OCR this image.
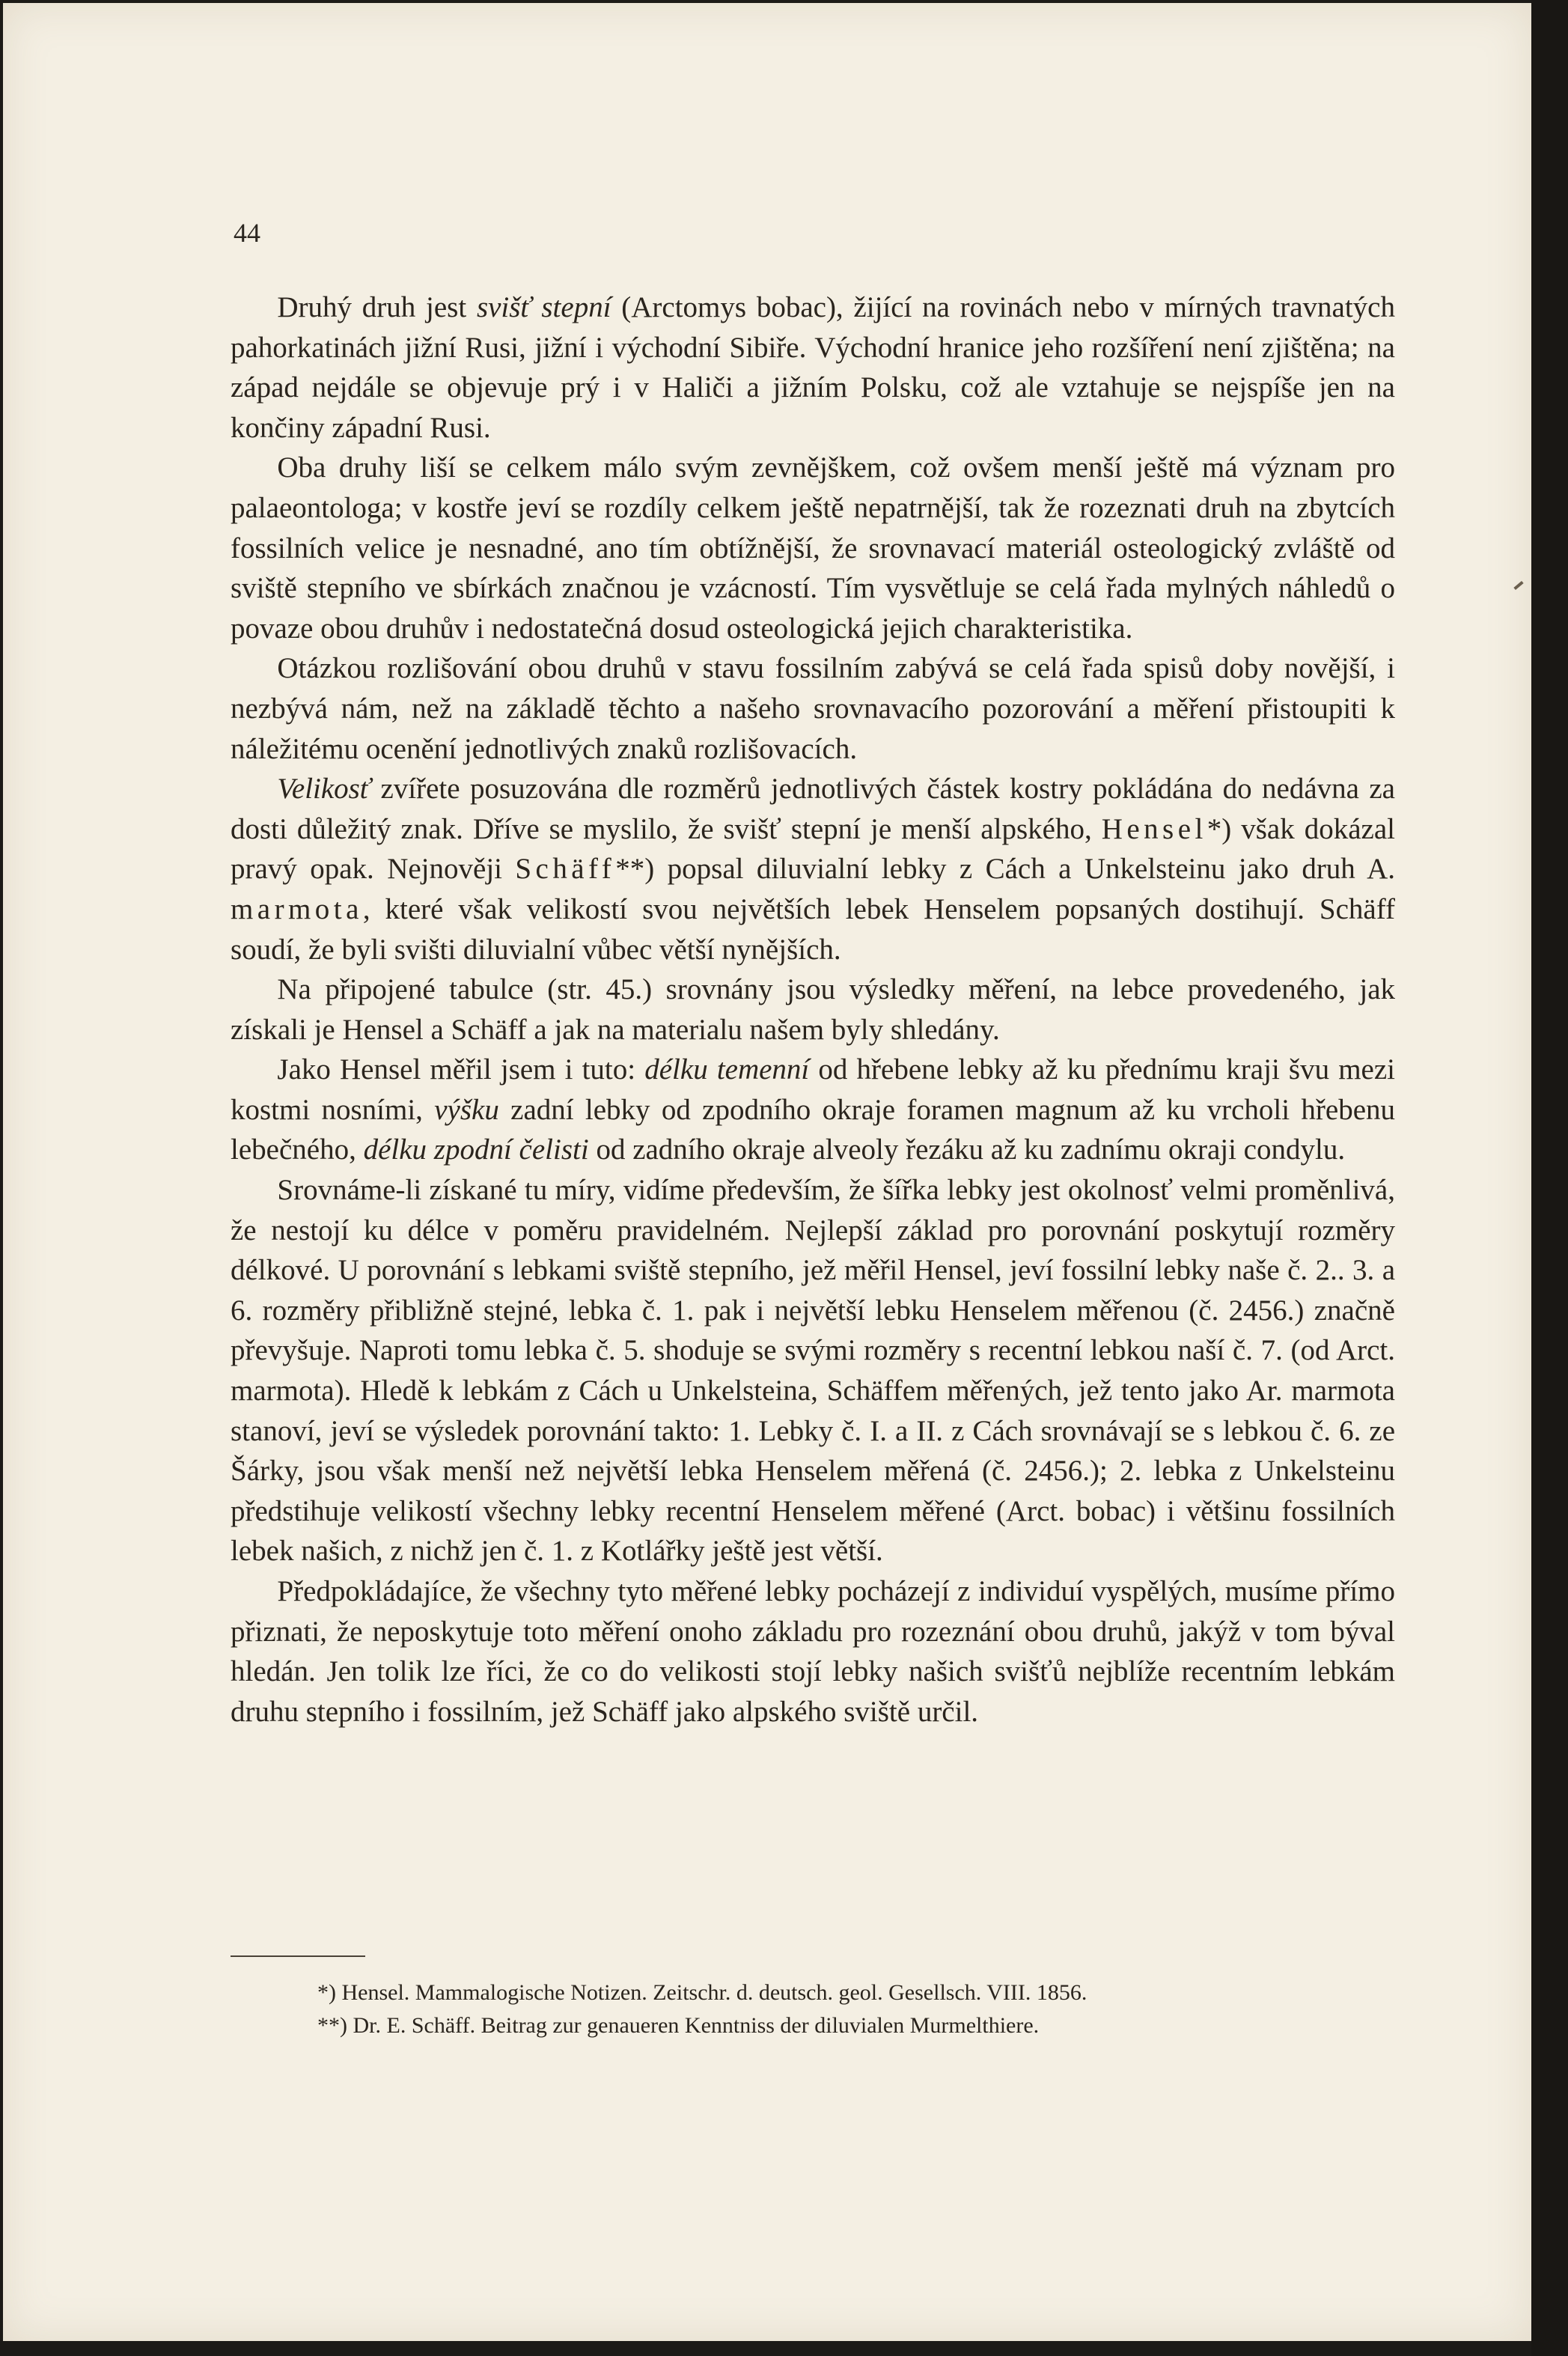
44

Druhý druh jest svišť stepní (Arctomys bobac), žijící na rovinách nebo v mírných travnatých pahorkatinách jižní Rusi, jižní i východní Sibiře. Východní hranice jeho rozšíření není zjištěna; na západ nejdále se objevuje prý i v Haliči a jižním Polsku, což ale vztahuje se nejspíše jen na končiny západní Rusi.

Oba druhy liší se celkem málo svým zevnějškem, což ovšem menší ještě má význam pro palaeontologa; v kostře jeví se rozdíly celkem ještě nepatrnější, tak že rozeznati druh na zbytcích fossilních velice je nesnadné, ano tím obtížnější, že srovnavací materiál osteologický zvláště od sviště stepního ve sbírkách značnou je vzácností. Tím vysvětluje se celá řada mylných náhledů o povaze obou druhův i nedostatečná dosud osteologická jejich charakteristika.

Otázkou rozlišování obou druhů v stavu fossilním zabývá se celá řada spisů doby novější, i nezbývá nám, než na základě těchto a našeho srovnavacího pozorování a měření přistoupiti k náležitému ocenění jednotlivých znaků rozlišovacích.

Velikosť zvířete posuzována dle rozměrů jednotlivých částek kostry pokládána do nedávna za dosti důležitý znak. Dříve se myslilo, že svišť stepní je menší alpského, Hensel*) však dokázal pravý opak. Nejnověji Schäff**) popsal diluvialní lebky z Cách a Unkelsteinu jako druh A. marmota, které však velikostí svou největších lebek Henselem popsaných dostihují. Schäff soudí, že byli svišti diluvialní vůbec větší nynějších.

Na připojené tabulce (str. 45.) srovnány jsou výsledky měření, na lebce provedeného, jak získali je Hensel a Schäff a jak na materialu našem byly shledány.

Jako Hensel měřil jsem i tuto: délku temenní od hřebene lebky až ku přednímu kraji švu mezi kostmi nosními, výšku zadní lebky od zpodního okraje foramen magnum až ku vrcholi hřebenu lebečného, délku zpodní čelisti od zadního okraje alveoly řezáku až ku zadnímu okraji condylu.

Srovnáme-li získané tu míry, vidíme především, že šířka lebky jest okolnosť velmi proměnlivá, že nestojí ku délce v poměru pravidelném. Nejlepší základ pro porovnání poskytují rozměry délkové. U porovnání s lebkami sviště stepního, jež měřil Hensel, jeví fossilní lebky naše č. 2.. 3. a 6. rozměry přibližně stejné, lebka č. 1. pak i největší lebku Henselem měřenou (č. 2456.) značně převyšuje. Naproti tomu lebka č. 5. shoduje se svými rozměry s recentní lebkou naší č. 7. (od Arct. marmota). Hledě k lebkám z Cách u Unkelsteina, Schäffem měřených, jež tento jako Ar. marmota stanoví, jeví se výsledek porovnání takto: 1. Lebky č. I. a II. z Cách srovnávají se s lebkou č. 6. ze Šárky, jsou však menší než největší lebka Henselem měřená (č. 2456.); 2. lebka z Unkelsteinu předstihuje velikostí všechny lebky recentní Henselem měřené (Arct. bobac) i většinu fossilních lebek našich, z nichž jen č. 1. z Kotlářky ještě jest větší.

Předpokládajíce, že všechny tyto měřené lebky pocházejí z individuí vyspělých, musíme přímo přiznati, že neposkytuje toto měření onoho základu pro rozeznání obou druhů, jakýž v tom býval hledán. Jen tolik lze říci, že co do velikosti stojí lebky našich svišťů nejblíže recentním lebkám druhu stepního i fossilním, jež Schäff jako alpského sviště určil.

*) Hensel. Mammalogische Notizen. Zeitschr. d. deutsch. geol. Gesellsch. VIII. 1856.
**) Dr. E. Schäff. Beitrag zur genaueren Kenntniss der diluvialen Murmelthiere.
